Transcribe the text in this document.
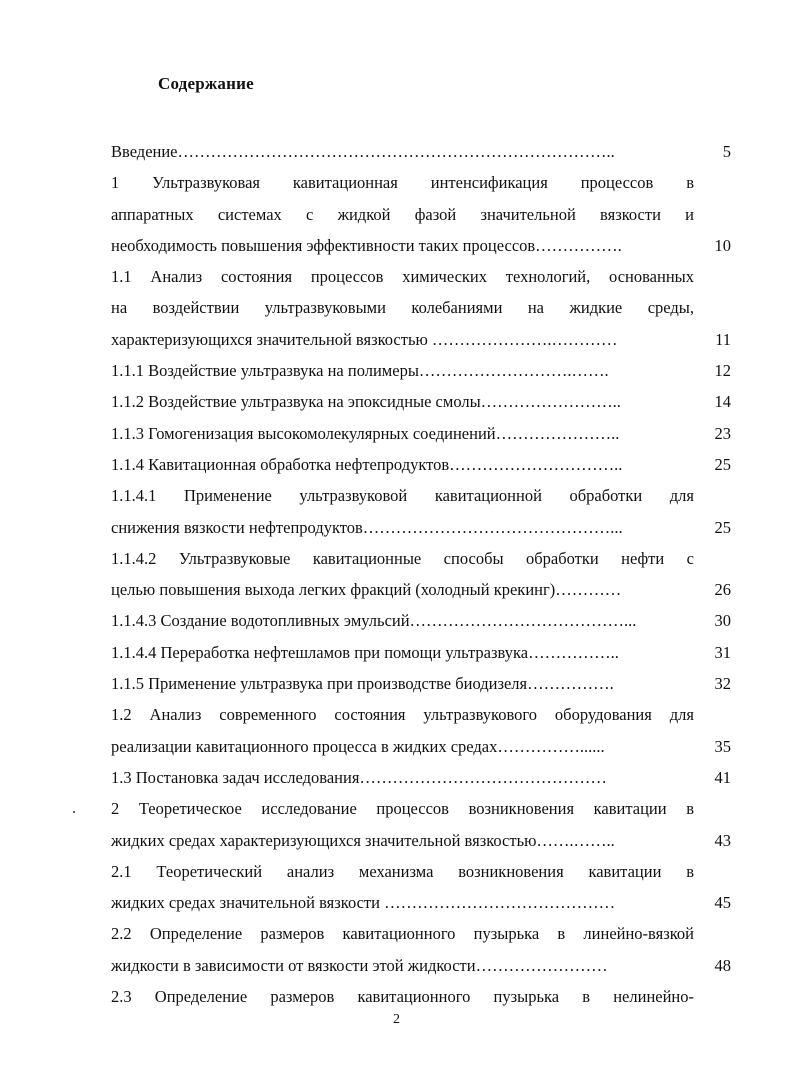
Содержание
Введение……………………………………………………………………..	5
1 Ультразвуковая кавитационная интенсификация процессов в
аппаратных системах с жидкой фазой значительной вязкости и
необходимость повышения эффективности таких процессов…………….	10
1.1 Анализ состояния процессов химических технологий, основанных
на воздействии ультразвуковыми колебаниями на жидкие среды,
характеризующихся значительной вязкостью ………………….…………	11
1.1.1 Воздействие ультразвука на полимеры……………………….…….	12
1.1.2 Воздействие ультразвука на эпоксидные смолы……………………..	14
1.1.3 Гомогенизация высокомолекулярных соединений…………………..	23
1.1.4 Кавитационная обработка нефтепродуктов…………………………..	25
1.1.4.1 Применение ультразвуковой кавитационной обработки для
снижения вязкости нефтепродуктов………………………………………...	25
1.1.4.2 Ультразвуковые кавитационные способы обработки нефти с
целью повышения выхода легких фракций (холодный крекинг)…………	26
1.1.4.3 Создание водотопливных эмульсий…………………………………...	30
1.1.4.4 Переработка нефтешламов при помощи ультразвука……………..	31
1.1.5 Применение ультразвука при производстве биодизеля…………….	32
1.2 Анализ современного состояния ультразвукового оборудования для
реализации кавитационного процесса в жидких средах……………......	35
1.3 Постановка задач исследования………………………………………	41
2 Теоретическое исследование процессов возникновения кавитации в
жидких средах характеризующихся значительной вязкостью…….……..	43
2.1 Теоретический анализ механизма возникновения кавитации в
жидких средах значительной вязкости ……………………………………	45
2.2 Определение размеров кавитационного пузырька в линейно-вязкой
жидкости в зависимости от вязкости этой жидкости……………………	48
2.3 Определение размеров кавитационного пузырька в нелинейно-
2
